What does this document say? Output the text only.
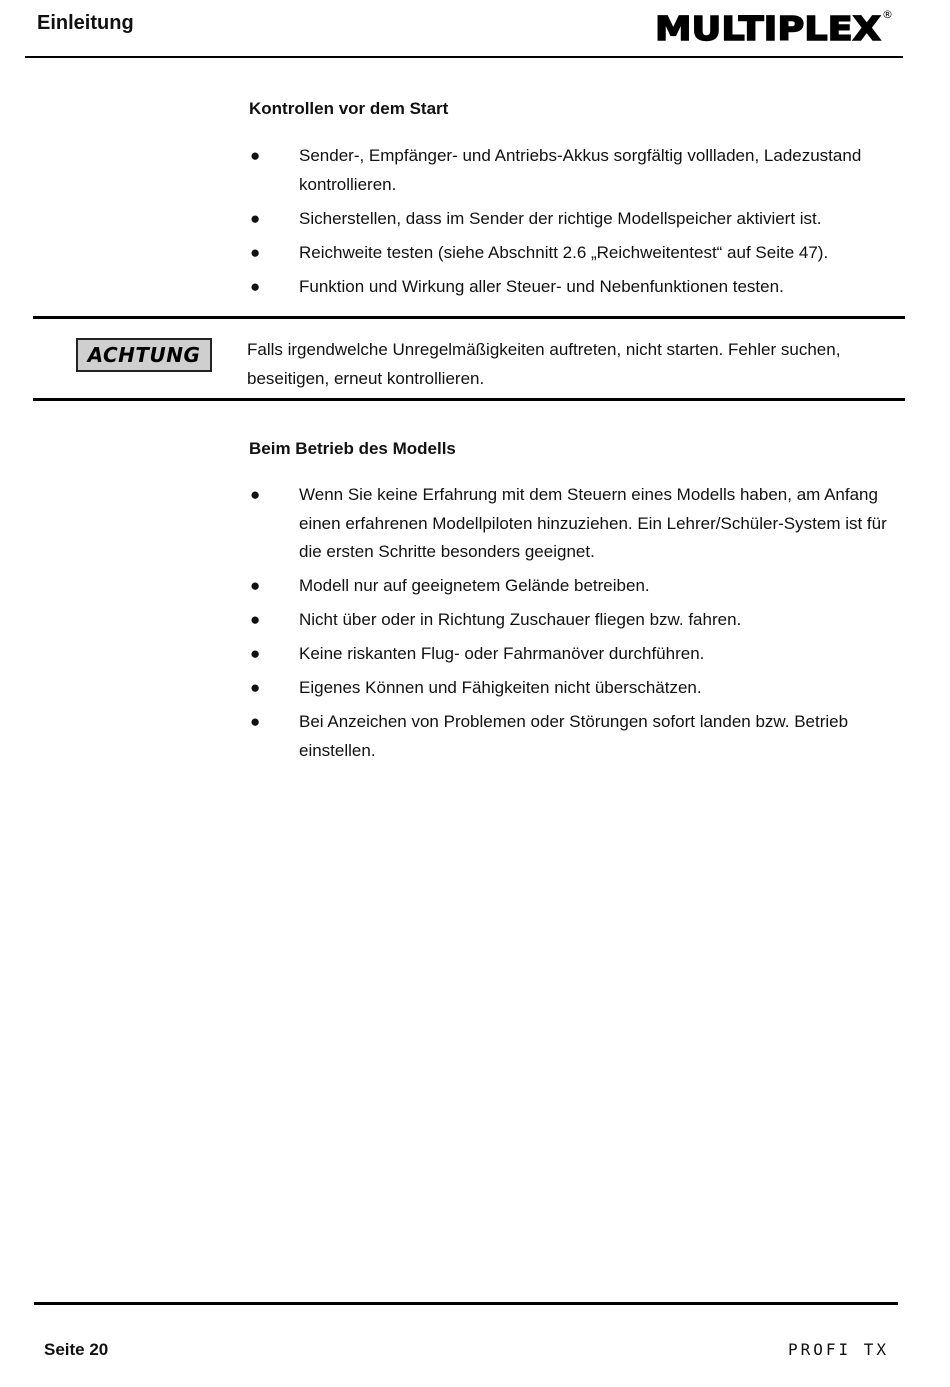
Einleitung	MULTIPLEX ®
Kontrollen vor dem Start
● Sender-, Empfänger- und Antriebs-Akkus sorgfältig vollladen, Ladezustand kontrollieren.
● Sicherstellen, dass im Sender der richtige Modellspeicher aktiviert ist.
● Reichweite testen (siehe Abschnitt 2.6 „Reichweitentest“ auf Seite 47).
● Funktion und Wirkung aller Steuer- und Nebenfunktionen testen.
ACHTUNG	Falls irgendwelche Unregelmäßigkeiten auftreten, nicht starten. Fehler suchen, beseitigen, erneut kontrollieren.
Beim Betrieb des Modells
● Wenn Sie keine Erfahrung mit dem Steuern eines Modells haben, am Anfang einen erfahrenen Modellpiloten hinzuziehen. Ein Lehrer/Schüler-System ist für die ersten Schritte besonders geeignet.
● Modell nur auf geeignetem Gelände betreiben.
● Nicht über oder in Richtung Zuschauer fliegen bzw. fahren.
● Keine riskanten Flug- oder Fahrmanöver durchführen.
● Eigenes Können und Fähigkeiten nicht überschätzen.
● Bei Anzeichen von Problemen oder Störungen sofort landen bzw. Betrieb einstellen.
Seite 20	PROFI TX
